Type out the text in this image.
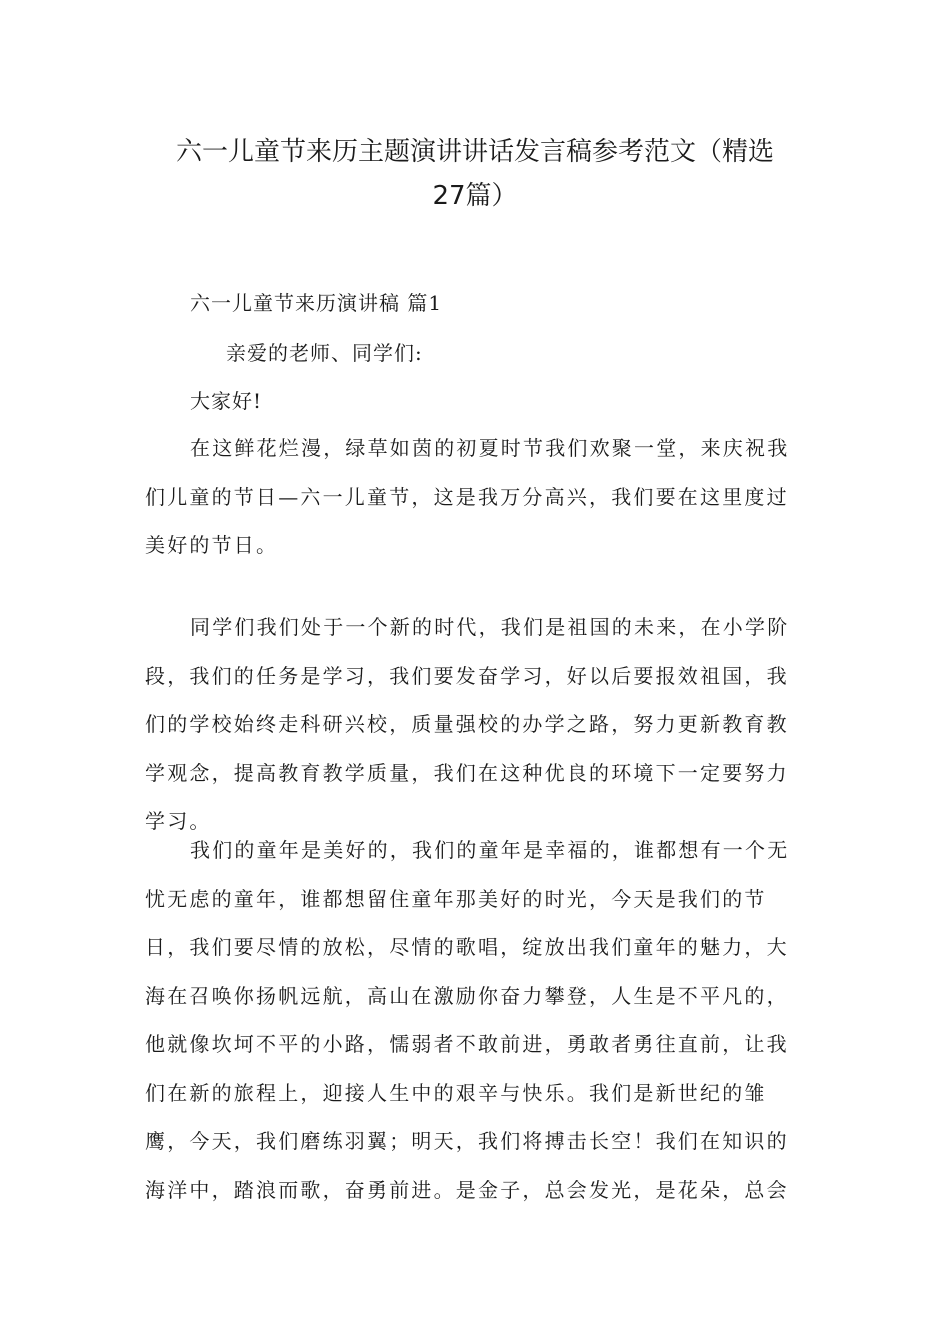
六一儿童节来历主题演讲讲话发言稿参考范文（精选
27篇）
六一儿童节来历演讲稿 篇1
亲爱的老师、同学们:
大家好!
在这鲜花烂漫，绿草如茵的初夏时节我们欢聚一堂，来庆祝我
们儿童的节日—六一儿童节，这是我万分高兴，我们要在这里度过
美好的节日。
同学们我们处于一个新的时代，我们是祖国的未来，在小学阶
段，我们的任务是学习，我们要发奋学习，好以后要报效祖国，我
们的学校始终走科研兴校，质量强校的办学之路，努力更新教育教
学观念，提高教育教学质量，我们在这种优良的环境下一定要努力
学习。
我们的童年是美好的，我们的童年是幸福的，谁都想有一个无
忧无虑的童年，谁都想留住童年那美好的时光，今天是我们的节
日，我们要尽情的放松，尽情的歌唱，绽放出我们童年的魅力，大
海在召唤你扬帆远航，高山在激励你奋力攀登，人生是不平凡的，
他就像坎坷不平的小路，懦弱者不敢前进，勇敢者勇往直前，让我
们在新的旅程上，迎接人生中的艰辛与快乐。我们是新世纪的雏
鹰，今天，我们磨练羽翼；明天，我们将搏击长空！我们在知识的
海洋中，踏浪而歌，奋勇前进。是金子，总会发光，是花朵，总会
